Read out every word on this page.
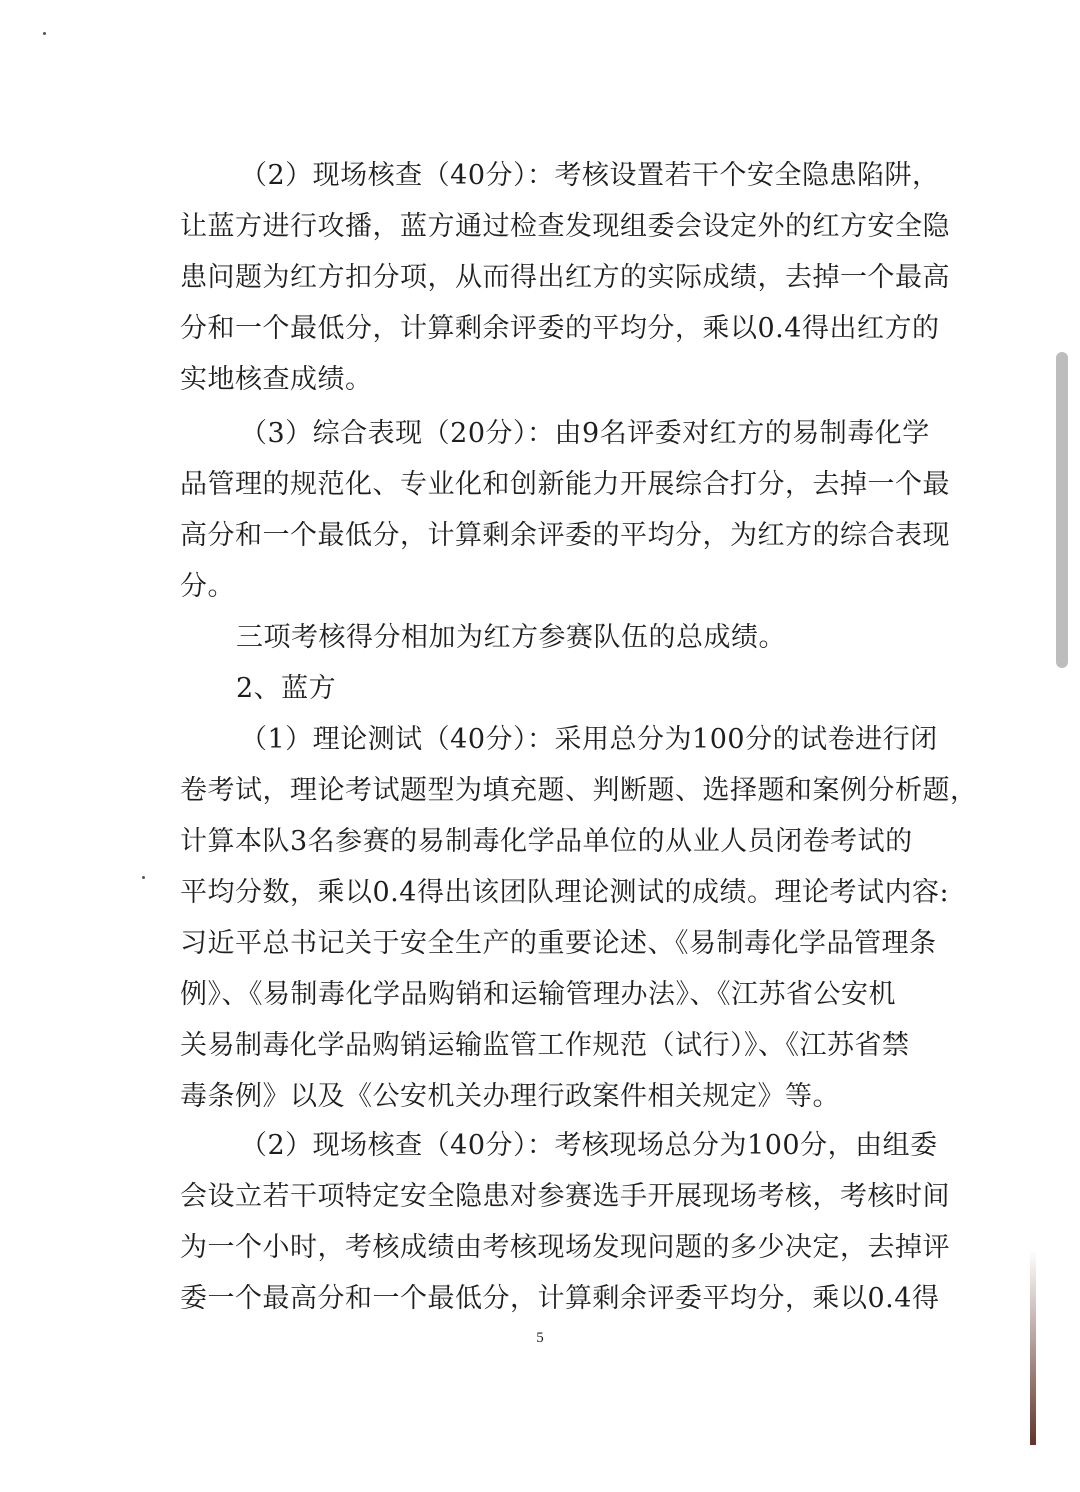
（2）现场核查（40分）：考核设置若干个安全隐患陷阱，
让蓝方进行攻播，蓝方通过检查发现组委会设定外的红方安全隐
患问题为红方扣分项，从而得出红方的实际成绩，去掉一个最高
分和一个最低分，计算剩余评委的平均分，乘以0.4得出红方的
实地核查成绩。
（3）综合表现（20分）：由9名评委对红方的易制毒化学
品管理的规范化、专业化和创新能力开展综合打分，去掉一个最
高分和一个最低分，计算剩余评委的平均分，为红方的综合表现
分。
三项考核得分相加为红方参赛队伍的总成绩。
2、蓝方
（1）理论测试（40分）：采用总分为100分的试卷进行闭
卷考试，理论考试题型为填充题、判断题、选择题和案例分析题，
计算本队3名参赛的易制毒化学品单位的从业人员闭卷考试的
平均分数，乘以0.4得出该团队理论测试的成绩。理论考试内容:
习近平总书记关于安全生产的重要论述、《易制毒化学品管理条
例》、《易制毒化学品购销和运输管理办法》、《江苏省公安机
关易制毒化学品购销运输监管工作规范（试行）》、《江苏省禁
毒条例》以及《公安机关办理行政案件相关规定》等。
（2）现场核查（40分）：考核现场总分为100分，由组委
会设立若干项特定安全隐患对参赛选手开展现场考核，考核时间
为一个小时，考核成绩由考核现场发现问题的多少决定，去掉评
委一个最高分和一个最低分，计算剩余评委平均分，乘以0.4得
5
